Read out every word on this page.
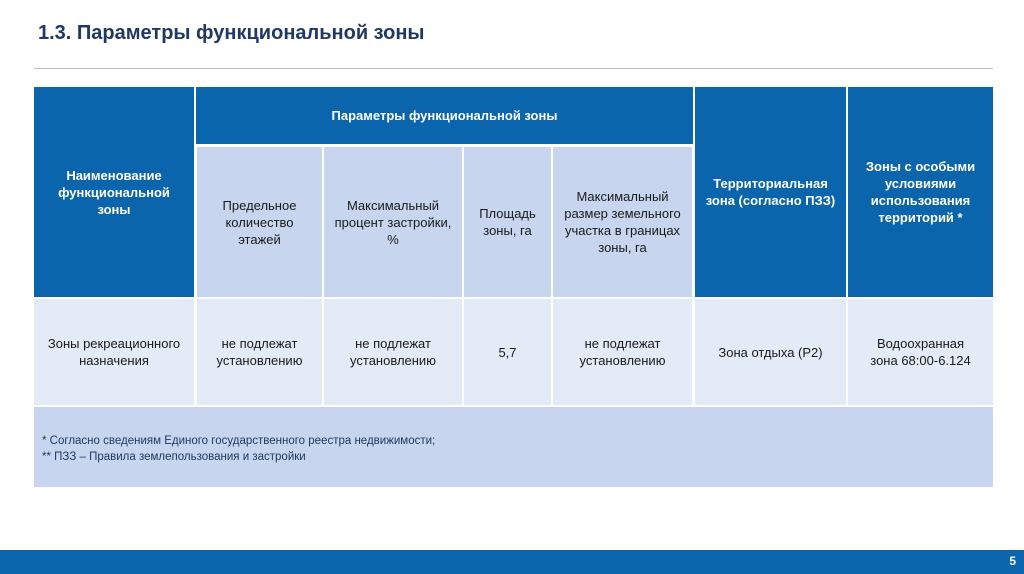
1.3. Параметры функциональной зоны
Наименование функциональной зоны
Параметры функциональной зоны
Предельное количество этажей
Максимальный процент застройки, %
Площадь зоны, га
Максимальный размер земельного участка в границах зоны, га
Территориальная зона (согласно ПЗЗ)
Зоны с особыми условиями использования территорий *
Зоны рекреационного назначения
не подлежат установлению
не подлежат установлению
5,7
не подлежат установлению
Зона отдыха (Р2)
Водоохранная зона 68:00-6.124
* Согласно сведениям Единого государственного реестра недвижимости;
** ПЗЗ – Правила землепользования и застройки
5
